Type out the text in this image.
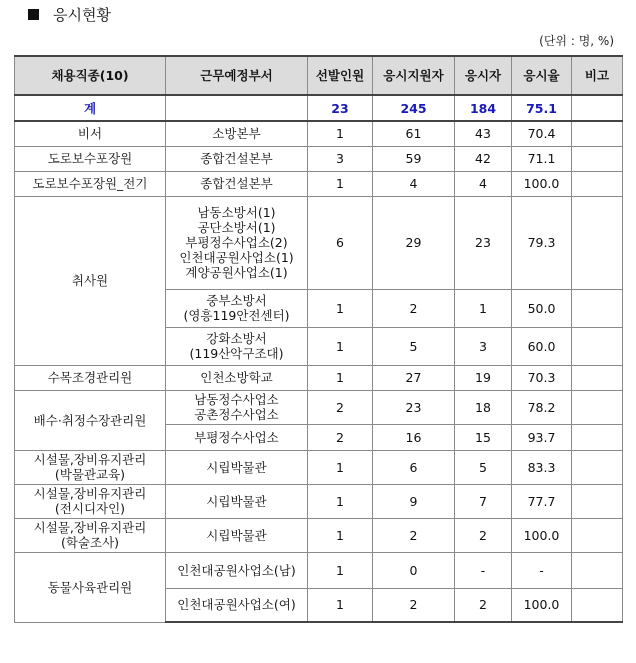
응시현황
(단위 : 명, %)
채용직종(10)	근무예정부서	선발인원	응시지원자	응시자	응시율	비고
계		23	245	184	75.1	

비서	소방본부	1	61	43	70.4	

도로보수포장원	종합건설본부	3	59	42	71.1	

도로보수포장원_전기	종합건설본부	1	4	4	100.0	

취사원	남동소방서(1)
공단소방서(1)
부평정수사업소(2)
인천대공원사업소(1)
계양공원사업소(1)	6	29	23	79.3	

	중부소방서
(영흥119안전센터)	1	2	1	50.0	

	강화소방서
(119산악구조대)	1	5	3	60.0	

수목조경관리원	인천소방학교	1	27	19	70.3	

배수·취정수장관리원	남동정수사업소
공촌정수사업소	2	23	18	78.2	

	부평정수사업소	2	16	15	93.7	

시설물,장비유지관리
(박물관교육)	시립박물관	1	6	5	83.3	

시설물,장비유지관리
(전시디자인)	시립박물관	1	9	7	77.7	

시설물,장비유지관리
(학술조사)	시립박물관	1	2	2	100.0	

동물사육관리원	인천대공원사업소(남)	1	0	-	-	

	인천대공원사업소(여)	1	2	2	100.0	
